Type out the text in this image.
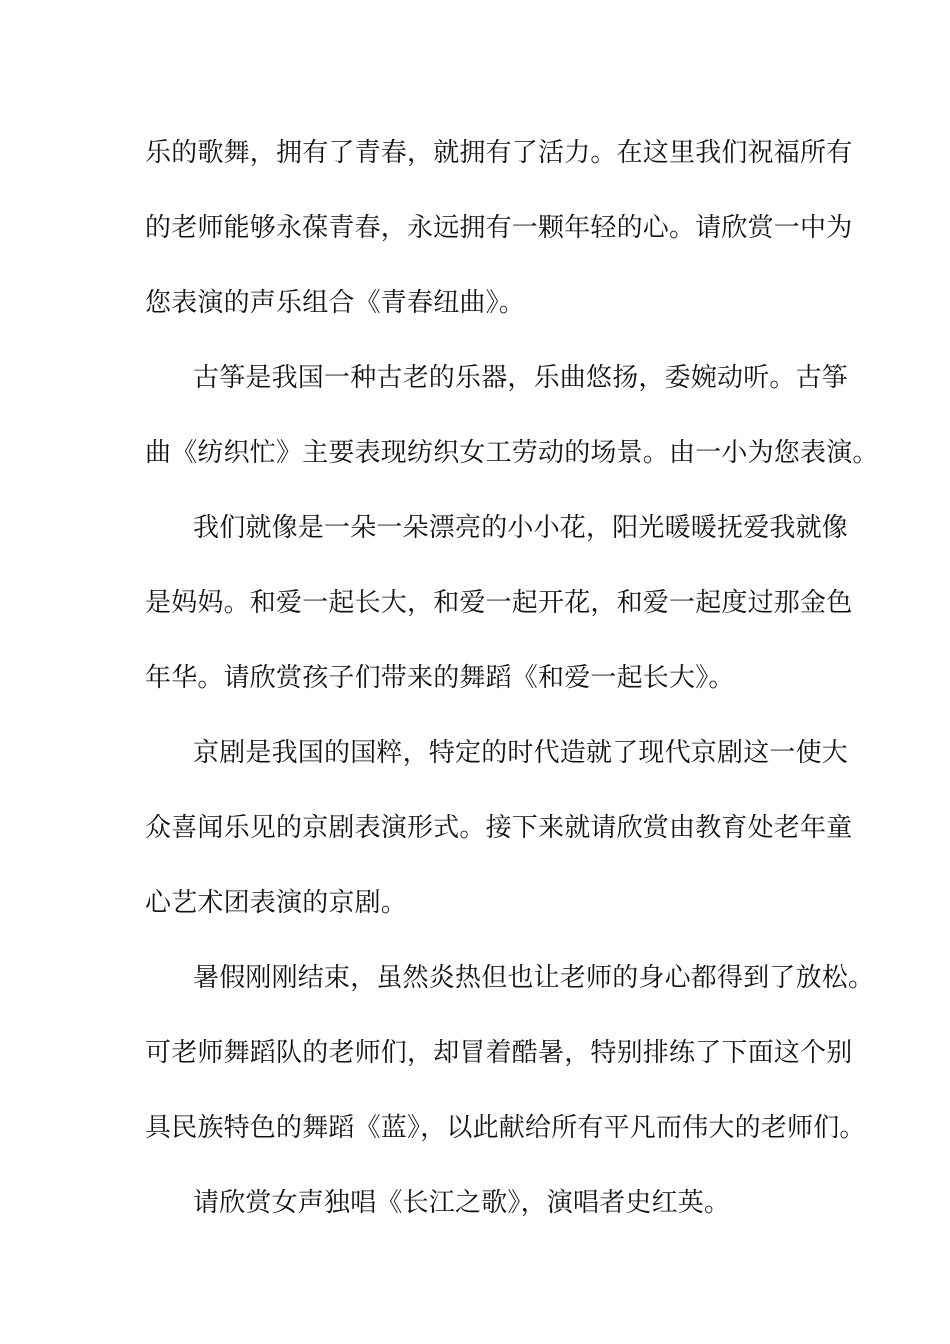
乐的歌舞，拥有了青春，就拥有了活力。在这里我们祝福所有
的老师能够永葆青春，永远拥有一颗年轻的心。请欣赏一中为
您表演的声乐组合《青春纽曲》。
古筝是我国一种古老的乐器，乐曲悠扬，委婉动听。古筝
曲《纺织忙》主要表现纺织女工劳动的场景。由一小为您表演。
我们就像是一朵一朵漂亮的小小花，阳光暖暖抚爱我就像
是妈妈。和爱一起长大，和爱一起开花，和爱一起度过那金色
年华。请欣赏孩子们带来的舞蹈《和爱一起长大》。
京剧是我国的国粹，特定的时代造就了现代京剧这一使大
众喜闻乐见的京剧表演形式。接下来就请欣赏由教育处老年童
心艺术团表演的京剧。
暑假刚刚结束，虽然炎热但也让老师的身心都得到了放松。
可老师舞蹈队的老师们，却冒着酷暑，特别排练了下面这个别
具民族特色的舞蹈《蓝》，以此献给所有平凡而伟大的老师们。
请欣赏女声独唱《长江之歌》，演唱者史红英。
